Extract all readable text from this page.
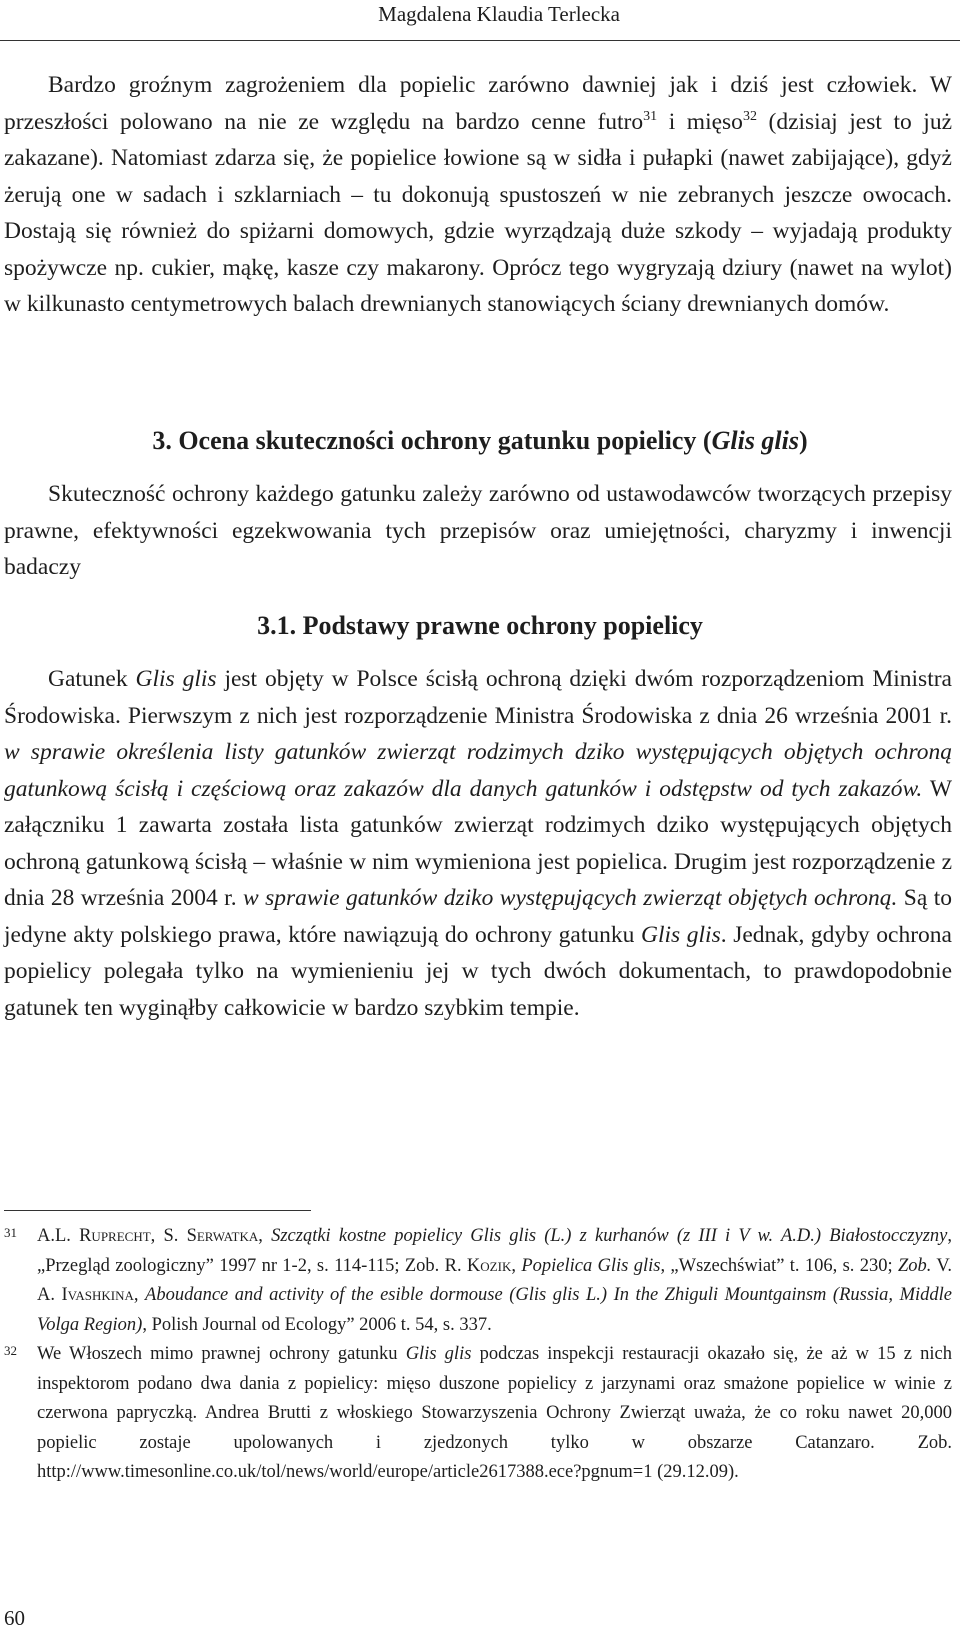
Magdalena Klaudia Terlecka

Bardzo groźnym zagrożeniem dla popielic zarówno dawniej jak i dziś jest człowiek. W przeszłości polowano na nie ze względu na bardzo cenne futro$^{31}$ i mięso$^{32}$ (dzisiaj jest to już zakazane). Natomiast zdarza się, że popielice łowione są w sidła i pułapki (nawet zabijające), gdyż żerują one w sadach i szklarniach – tu dokonują spustoszeń w nie zebranych jeszcze owocach. Dostają się również do spiżarni domowych, gdzie wyrządzają duże szkody – wyjadają produkty spożywcze np. cukier, mąkę, kasze czy makarony. Oprócz tego wygryzają dziury (nawet na wylot) w kilkunasto centymetrowych balach drewnianych stanowiących ściany drewnianych domów.

3. Ocena skuteczności ochrony gatunku popielicy (Glis glis)

Skuteczność ochrony każdego gatunku zależy zarówno od ustawodawców tworzących przepisy prawne, efektywności egzekwowania tych przepisów oraz umiejętności, charyzmy i inwencji badaczy

3.1. Podstawy prawne ochrony popielicy

Gatunek Glis glis jest objęty w Polsce ścisłą ochroną dzięki dwóm rozporządzeniom Ministra Środowiska. Pierwszym z nich jest rozporządzenie Ministra Środowiska z dnia 26 września 2001 r. w sprawie określenia listy gatunków zwierząt rodzimych dziko występujących objętych ochroną gatunkową ścisłą i częściową oraz zakazów dla danych gatunków i odstępstw od tych zakazów. W załączniku 1 zawarta została lista gatunków zwierząt rodzimych dziko występujących objętych ochroną gatunkową ścisłą – właśnie w nim wymieniona jest popielica. Drugim jest rozporządzenie z dnia 28 września 2004 r. w sprawie gatunków dziko występujących zwierząt objętych ochroną. Są to jedyne akty polskiego prawa, które nawiązują do ochrony gatunku Glis glis. Jednak, gdyby ochrona popielicy polegała tylko na wymienieniu jej w tych dwóch dokumentach, to prawdopodobnie gatunek ten wyginąłby całkowicie w bardzo szybkim tempie.

31 A.L. Ruprecht, S. Serwatka, Szczątki kostne popielicy Glis glis (L.) z kurhanów (z III i V w. A.D.) Białostocczyzny, „Przegląd zoologiczny” 1997 nr 1-2, s. 114-115; Zob. R. Kozik, Popielica Glis glis, „Wszechświat” t. 106, s. 230; Zob. V. A. Ivashkina, Aboudance and activity of the esible dormouse (Glis glis L.) In the Zhiguli Mountgainsm (Russia, Middle Volga Region), Polish Journal od Ecology” 2006 t. 54, s. 337.
32 We Włoszech mimo prawnej ochrony gatunku Glis glis podczas inspekcji restauracji okazało się, że aż w 15 z nich inspektorom podano dwa dania z popielicy: mięso duszone popielicy z jarzynami oraz smażone popielice w winie z czerwona papryczką. Andrea Brutti z włoskiego Stowarzyszenia Ochrony Zwierząt uważa, że co roku nawet 20,000 popielic zostaje upolowanych i zjedzonych tylko w obszarze Catanzaro. Zob. http://www.timesonline.co.uk/tol/news/world/europe/article2617388.ece?pgnum=1 (29.12.09).
60
